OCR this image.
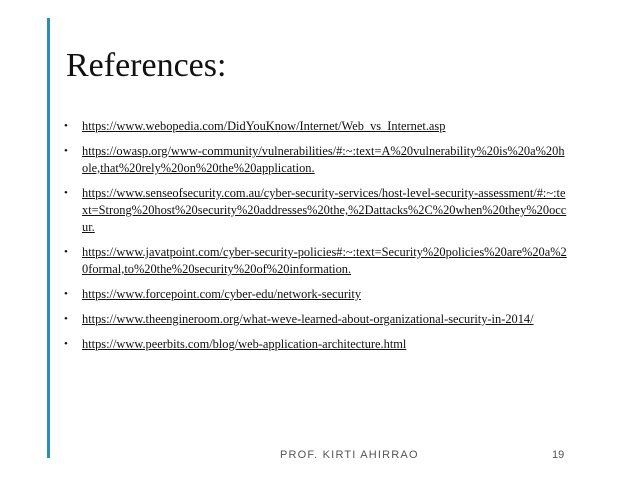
References:
• https://www.webopedia.com/DidYouKnow/Internet/Web_vs_Internet.asp
• https://owasp.org/www-community/vulnerabilities/#:~:text=A%20vulnerability%20is%20a%20hole,that%20rely%20on%20the%20application.
• https://www.senseofsecurity.com.au/cyber-security-services/host-level-security-assessment/#:~:text=Strong%20host%20security%20addresses%20the,%2Dattacks%2C%20when%20they%20occur.
• https://www.javatpoint.com/cyber-security-policies#:~:text=Security%20policies%20are%20a%20formal,to%20the%20security%20of%20information.
• https://www.forcepoint.com/cyber-edu/network-security
• https://www.theengineroom.org/what-weve-learned-about-organizational-security-in-2014/
• https://www.peerbits.com/blog/web-application-architecture.html
PROF. KIRTI AHIRRAO	19
